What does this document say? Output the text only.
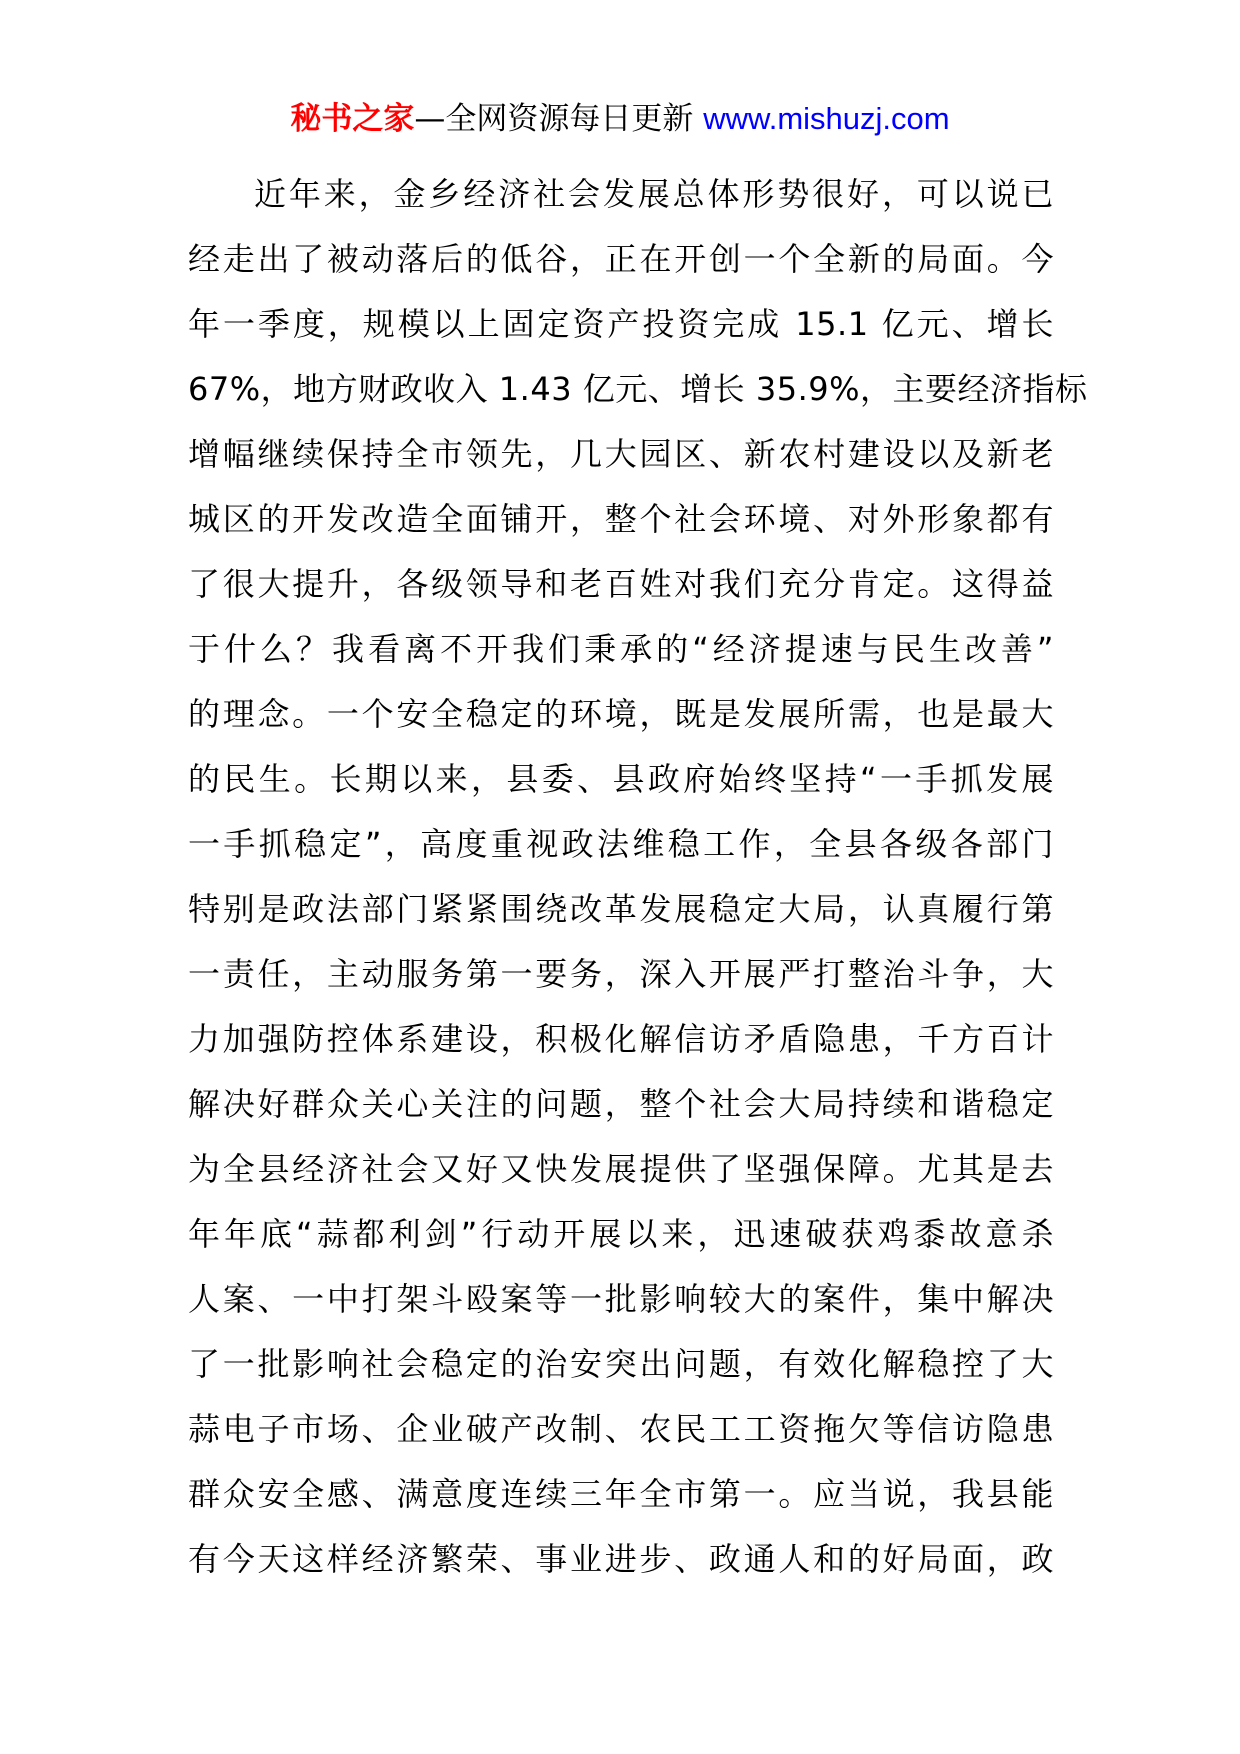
秘书之家—全网资源每日更新 www.mishuzj.com
近年来，金乡经济社会发展总体形势很好，可以说已
经走出了被动落后的低谷，正在开创一个全新的局面。今
年一季度，规模以上固定资产投资完成 15.1 亿元、增长
67%，地方财政收入 1.43 亿元、增长 35.9%，主要经济指标
增幅继续保持全市领先，几大园区、新农村建设以及新老
城区的开发改造全面铺开，整个社会环境、对外形象都有
了很大提升，各级领导和老百姓对我们充分肯定。这得益
于什么？我看离不开我们秉承的“经济提速与民生改善”
的理念。一个安全稳定的环境，既是发展所需，也是最大
的民生。长期以来，县委、县政府始终坚持“一手抓发展
一手抓稳定”，高度重视政法维稳工作，全县各级各部门
特别是政法部门紧紧围绕改革发展稳定大局，认真履行第
一责任，主动服务第一要务，深入开展严打整治斗争，大
力加强防控体系建设，积极化解信访矛盾隐患，千方百计
解决好群众关心关注的问题，整个社会大局持续和谐稳定
为全县经济社会又好又快发展提供了坚强保障。尤其是去
年年底“蒜都利剑”行动开展以来，迅速破获鸡黍故意杀
人案、一中打架斗殴案等一批影响较大的案件，集中解决
了一批影响社会稳定的治安突出问题，有效化解稳控了大
蒜电子市场、企业破产改制、农民工工资拖欠等信访隐患
群众安全感、满意度连续三年全市第一。应当说，我县能
有今天这样经济繁荣、事业进步、政通人和的好局面，政
